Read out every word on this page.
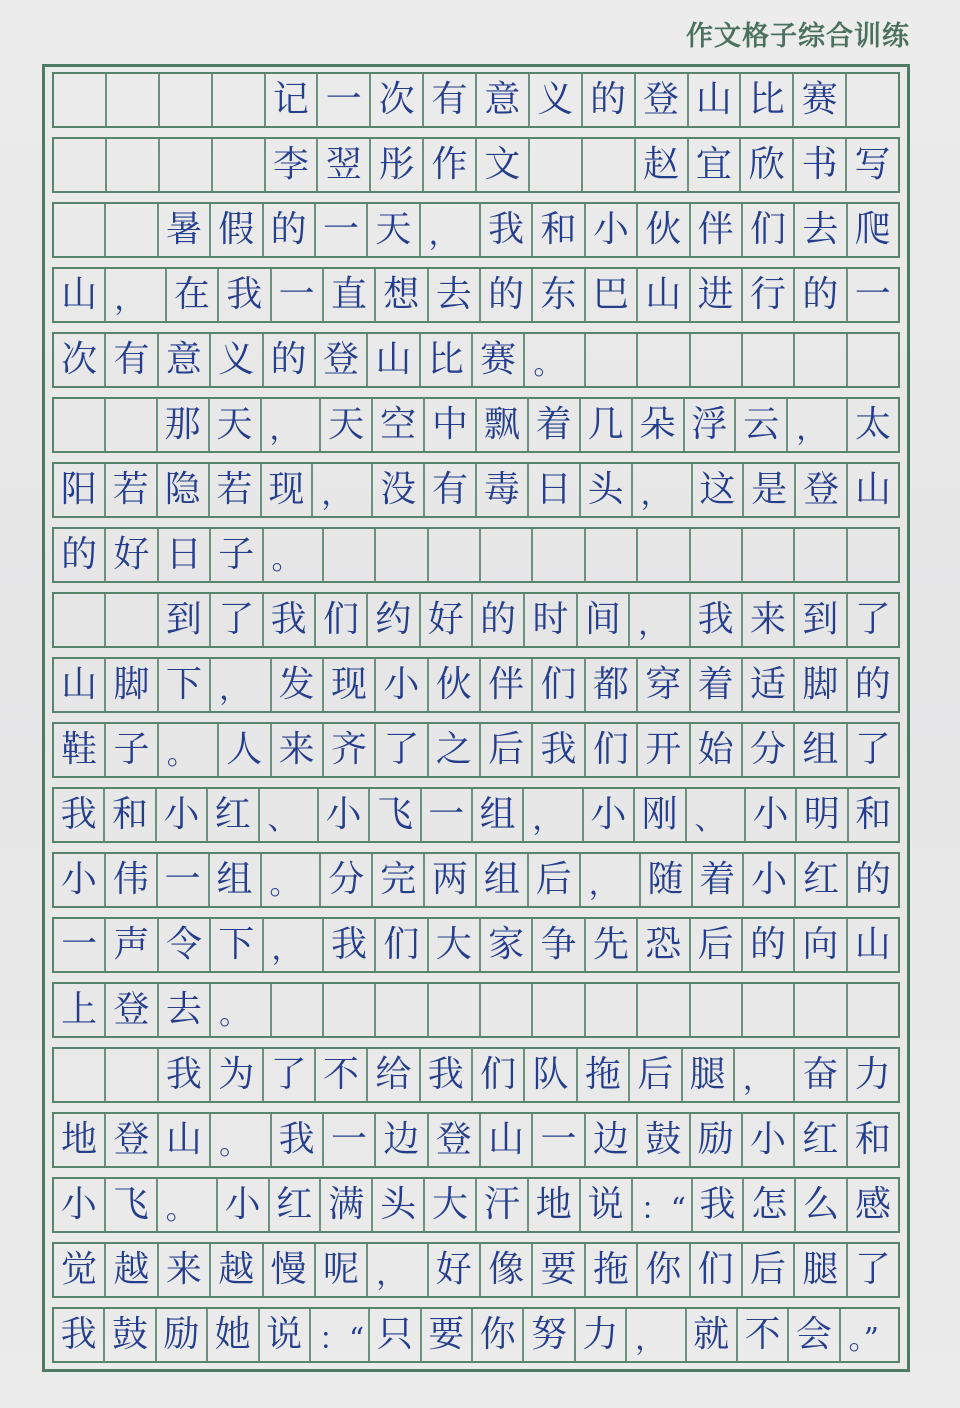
作文格子综合训练
记 一 次 有 意 义 的 登 山 比 赛
李 翌 彤 作 文	赵 宜 欣 书 写
暑 假 的 一 天 ， 我 和 小 伙 伴 们 去 爬
山 ， 在 我 一 直 想 去 的 东 巴 山 进 行 的 一
次 有 意 义 的 登 山 比 赛 。
那 天 ， 天 空 中 飘 着 几 朵 浮 云 ， 太
阳 若 隐 若 现 ， 没 有 毒 日 头 ， 这 是 登 山
的 好 日 子 。
到 了 我 们 约 好 的 时 间 ， 我 来 到 了
山 脚 下 ， 发 现 小 伙 伴 们 都 穿 着 适 脚 的
鞋 子 。 人 来 齐 了 之 后 我 们 开 始 分 组 了
我 和 小 红 、 小 飞 一 组 ， 小 刚 、 小 明 和
小 伟 一 组 。 分 完 两 组 后 ， 随 着 小 红 的
一 声 令 下 ， 我 们 大 家 争 先 恐 后 的 向 山
上 登 去 。
我 为 了 不 给 我 们 队 拖 后 腿 ， 奋 力
地 登 山 。 我 一 边 登 山 一 边 鼓 励 小 红 和
小 飞 。 小 红 满 头 大 汗 地 说 ：“ 我 怎 么 感
觉 越 来 越 慢 呢 ， 好 像 要 拖 你 们 后 腿 了
我 鼓 励 她 说 ：“ 只 要 你 努 力 ， 就 不 会 。”
